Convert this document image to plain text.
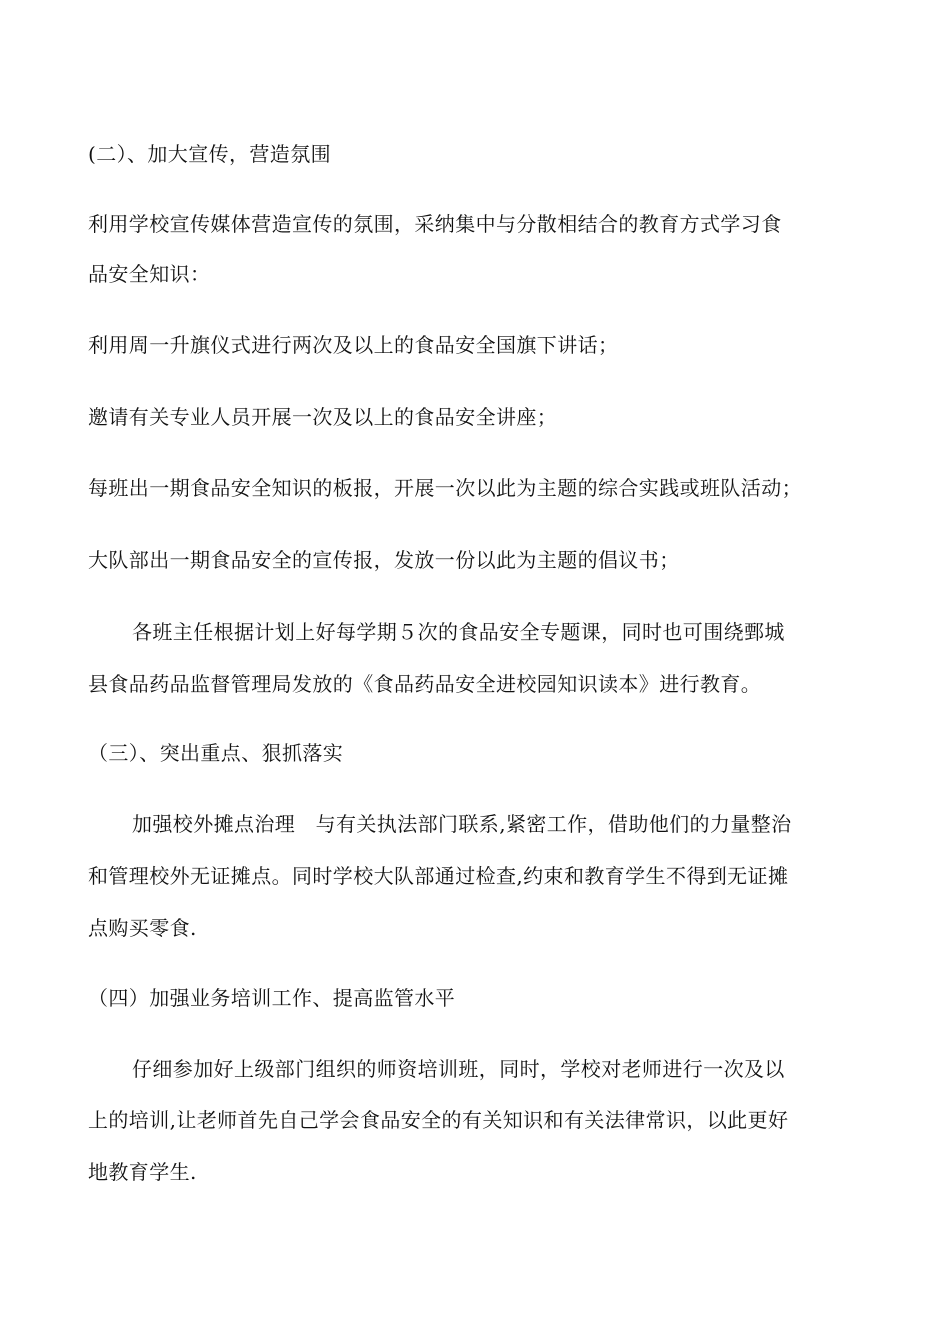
(二）、加大宣传，营造氛围
利用学校宣传媒体营造宣传的氛围，采纳集中与分散相结合的教育方式学习食
品安全知识：
利用周一升旗仪式进行两次及以上的食品安全国旗下讲话；
邀请有关专业人员开展一次及以上的食品安全讲座；
每班出一期食品安全知识的板报，开展一次以此为主题的综合实践或班队活动；
大队部出一期食品安全的宣传报，发放一份以此为主题的倡议书；
各班主任根据计划上好每学期５次的食品安全专题课，同时也可围绕鄄城
县食品药品监督管理局发放的《食品药品安全进校园知识读本》进行教育。
（三）、突出重点、狠抓落实
加强校外摊点治理　与有关执法部门联系,紧密工作，借助他们的力量整治
和管理校外无证摊点。同时学校大队部通过检查,约束和教育学生不得到无证摊
点购买零食.
（四）加强业务培训工作、提高监管水平
仔细参加好上级部门组织的师资培训班，同时，学校对老师进行一次及以
上的培训,让老师首先自己学会食品安全的有关知识和有关法律常识，以此更好
地教育学生.
